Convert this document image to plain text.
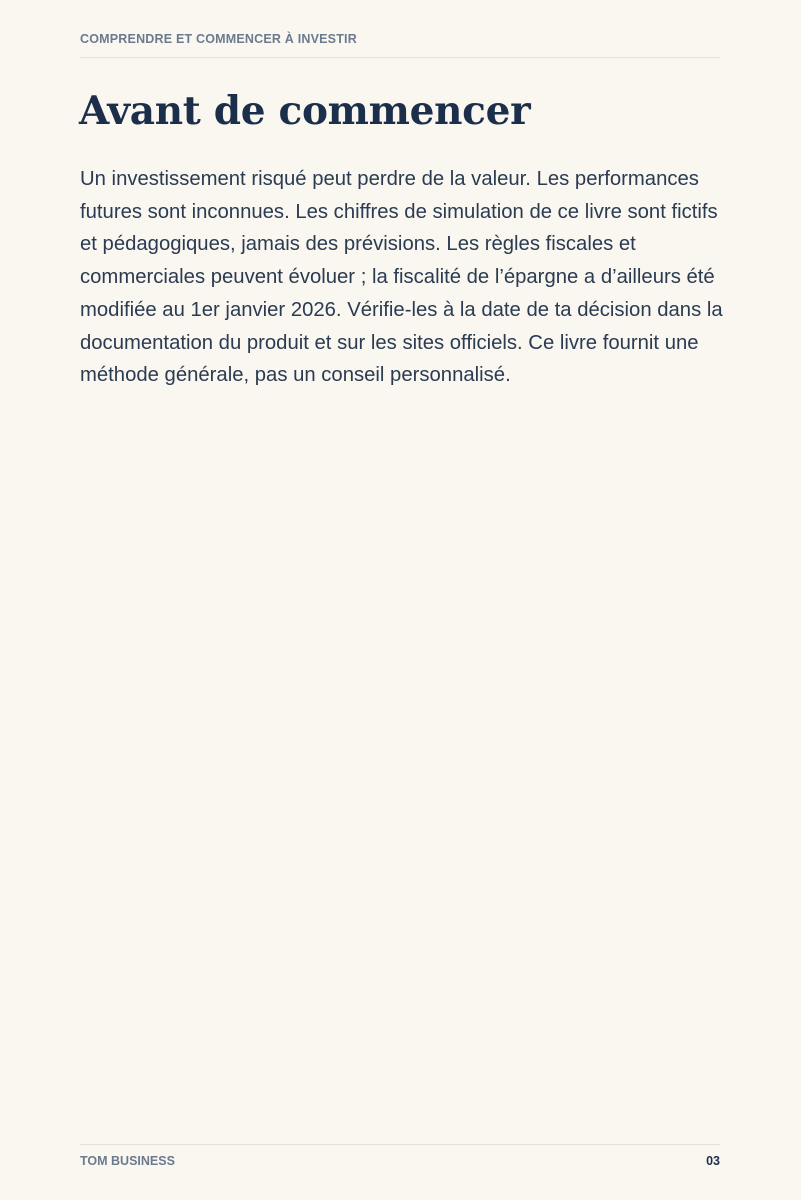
COMPRENDRE ET COMMENCER À INVESTIR
Avant de commencer

Un investissement risqué peut perdre de la valeur. Les performances futures sont inconnues. Les chiffres de simulation de ce livre sont fictifs et pédagogiques, jamais des prévisions. Les règles fiscales et commerciales peuvent évoluer ; la fiscalité de l’épargne a d’ailleurs été modifiée au 1er janvier 2026. Vérifie-les à la date de ta décision dans la documentation du produit et sur les sites officiels. Ce livre fournit une méthode générale, pas un conseil personnalisé.

TOM BUSINESS	03
